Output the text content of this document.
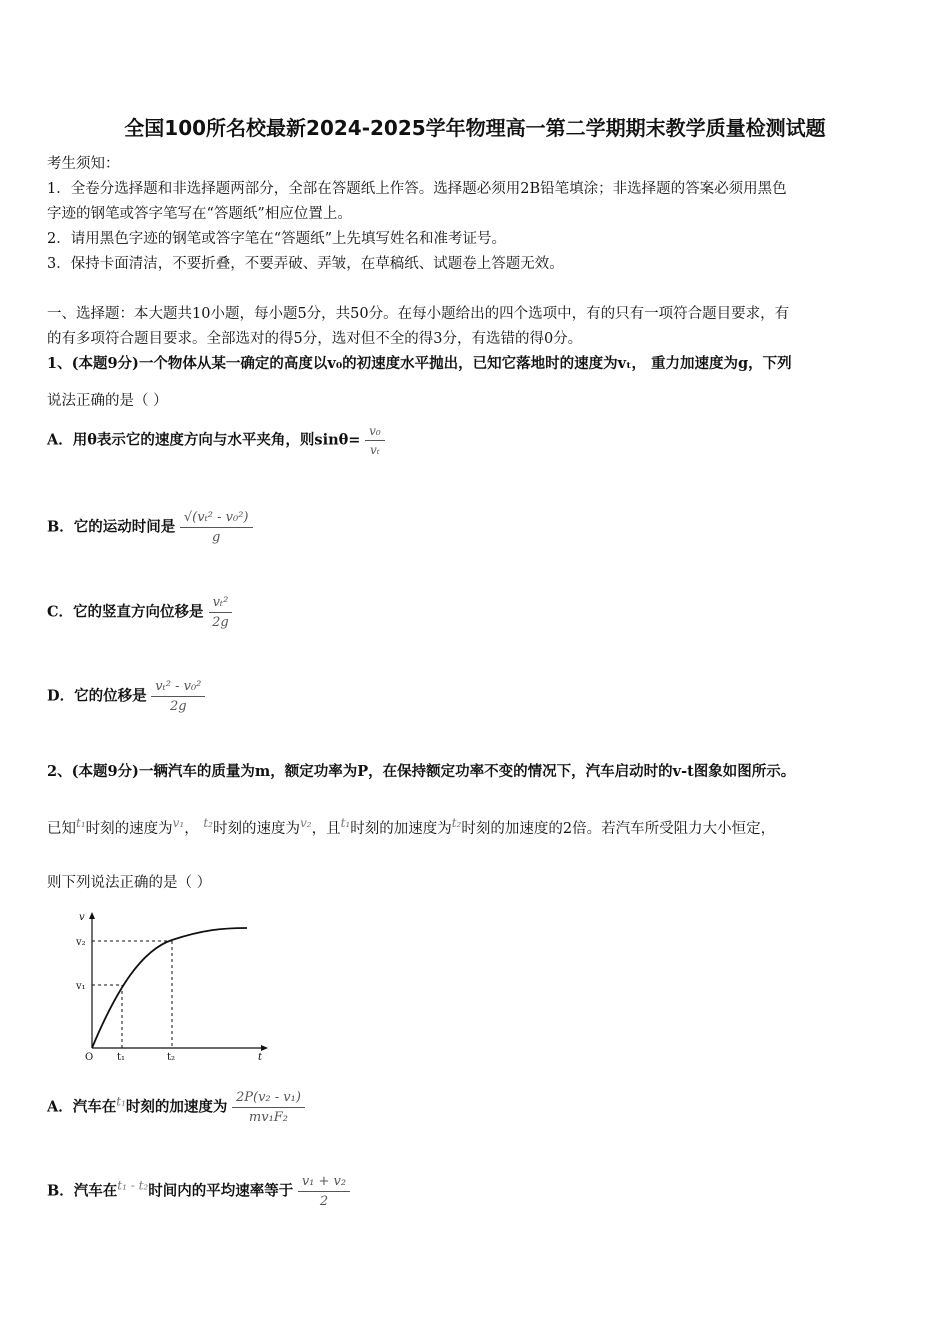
全国100所名校最新2024-2025学年物理高一第二学期期末教学质量检测试题
考生须知：
1．全卷分选择题和非选择题两部分，全部在答题纸上作答。选择题必须用2B铅笔填涂；非选择题的答案必须用黑色
字迹的钢笔或答字笔写在“答题纸”相应位置上。
2．请用黑色字迹的钢笔或答字笔在“答题纸”上先填写姓名和准考证号。
3．保持卡面清洁，不要折叠，不要弄破、弄皱，在草稿纸、试题卷上答题无效。
一、选择题：本大题共10小题，每小题5分，共50分。在每小题给出的四个选项中，有的只有一项符合题目要求，有
的有多项符合题目要求。全部选对的得5分，选对但不全的得3分，有选错的得0分。
1、(本题9分)一个物体从某一确定的高度以v₀的初速度水平抛出，已知它落地时的速度为vₜ， 重力加速度为g，下列
说法正确的是（ ）
A．用θ表示它的速度方向与水平夹角，则$\sin\theta= \frac{\text{v₀}}{\text{vₜ}}$
B．它的运动时间是 $\frac{\text{√(vₜ² - v₀²)}}{g}$
C．它的竖直方向位移是 $\frac{\text{vₜ²}}{2g}$
D．它的位移是 $\frac{\text{vₜ² - v₀²}}{2g}$
2、(本题9分)一辆汽车的质量为m，额定功率为P，在保持额定功率不变的情况下，汽车启动时的v-t图象如图所示。
已知$^{t_1}$时刻的速度为$^{v_1}$， $^{t_2}$时刻的速度为$^{v_2}$，且$^{t_1}$时刻的加速度为$^{t_2}$时刻的加速度的2倍。若汽车所受阻力大小恒定，
则下列说法正确的是（ ）
v
v₂
v₁
O t₁	t₂	t
A．汽车在$^{t_1}$时刻的加速度为 $\frac{\text{2P(v₂ - v₁)}}{\text{mv₁F₂}}$
B．汽车在$^{t_1 - t_2}$时间内的平均速率等于 $\frac{\text{v₁ + v₂}}{2}$
